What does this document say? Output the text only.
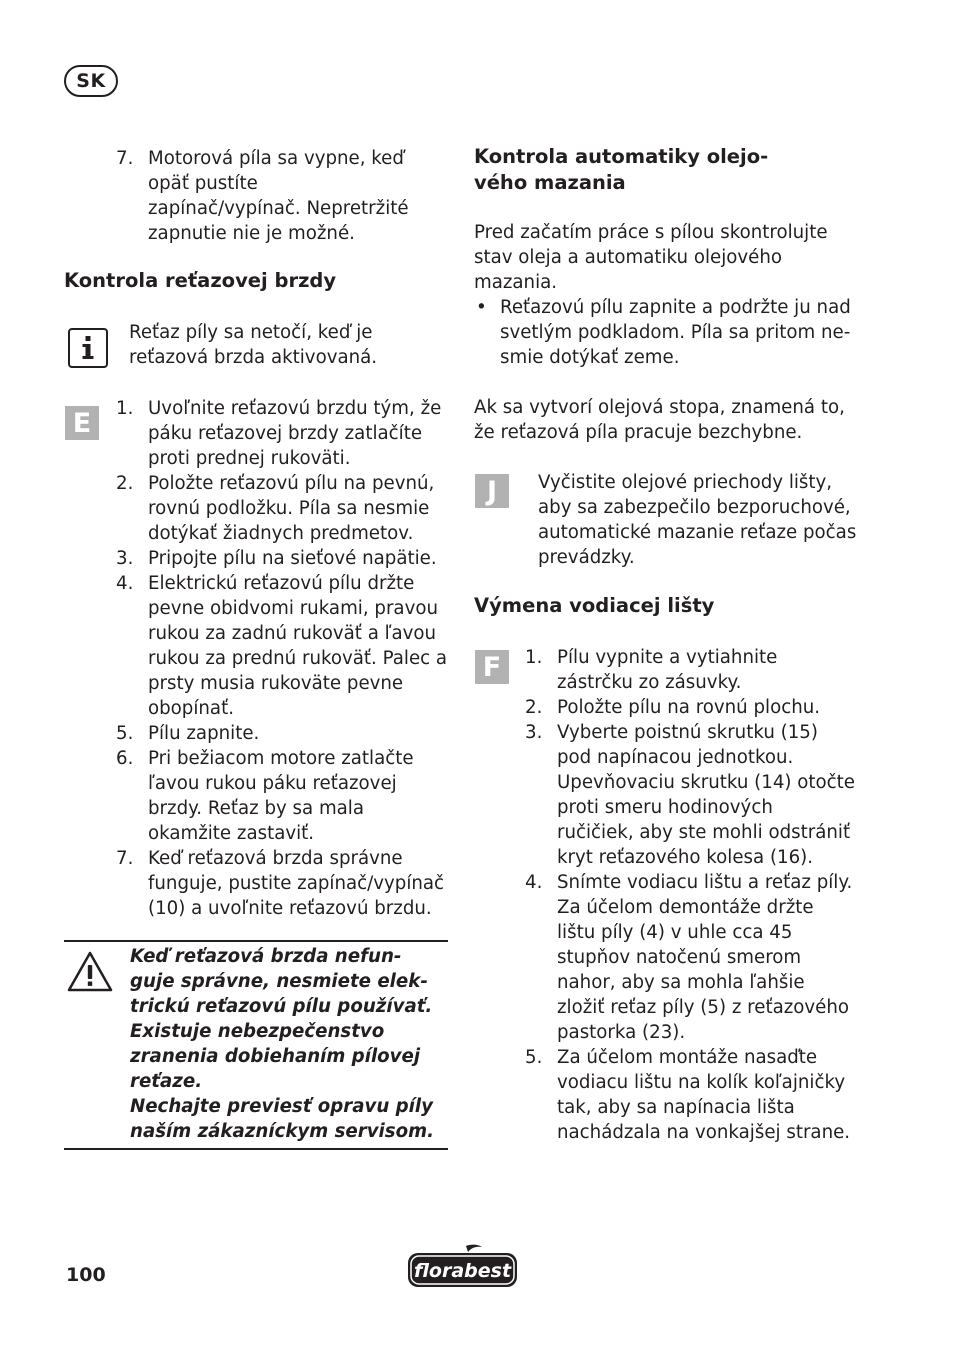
SK
7. Motorová píla sa vypne, keď opäť pustíte zapínač/vypínač. Nepretržité zapnutie nie je možné.
Kontrola reťazovej brzdy
Reťaz píly sa netočí, keď je reťazová brzda aktivovaná.
E	1. Uvoľnite reťazovú brzdu tým, že páku reťazovej brzdy zatlačíte proti prednej rukoväti.
2. Položte reťazovú pílu na pevnú, rovnú podložku. Píla sa nesmie dotýkať žiadnych predmetov.
3. Pripojte pílu na sieťové napätie.
4. Elektrickú reťazovú pílu držte pevne obidvomi rukami, pravou rukou za zadnú rukoväť a ľavou rukou za prednú rukoväť. Palec a prsty musia rukoväte pevne obopínať.
5. Pílu zapnite.
6. Pri bežiacom motore zatlačte ľavou rukou páku reťazovej brzdy. Reťaz by sa mala okamžite zastaviť.
7. Keď reťazová brzda správne funguje, pustite zapínač/vypínač (10) a uvoľnite reťazovú brzdu.
Keď reťazová brzda nefun-
guje správne, nesmiete elek-
trickú reťazovú pílu používať.
Existuje nebezpečenstvo
zranenia dobiehaním pílovej
reťaze.
Nechajte previesť opravu píly
naším zákazníckym servisom.
Kontrola automatiky olejo-
vého mazania
Pred začatím práce s pílou skontrolujte stav oleja a automatiku olejového mazania.
• Reťazovú pílu zapnite a podržte ju nad svetlým podkladom. Píla sa pritom ne-smie dotýkať zeme.
Ak sa vytvorí olejová stopa, znamená to, že reťazová píla pracuje bezchybne.
J	Vyčistite olejové priechody lišty, aby sa zabezpečilo bezporuchové, automatické mazanie reťaze počas prevádzky.
Výmena vodiacej lišty
F	1. Pílu vypnite a vytiahnite zástrčku zo zásuvky.
2. Položte pílu na rovnú plochu.
3. Vyberte poistnú skrutku (15) pod napínacou jednotkou. Upevňovaciu skrutku (14) otočte proti smeru hodinových ručičiek, aby ste mohli odstrániť kryt reťazového kolesa (16).
4. Snímte vodiacu lištu a reťaz píly. Za účelom demontáže držte lištu píly (4) v uhle cca 45 stupňov natočenú smerom nahor, aby sa mohla ľahšie zložiť reťaz píly (5) z reťazového pastorka (23).
5. Za účelom montáže nasaďte vodiacu lištu na kolík koľajničky tak, aby sa napínacia lišta nachádzala na vonkajšej strane.
100	florabest
